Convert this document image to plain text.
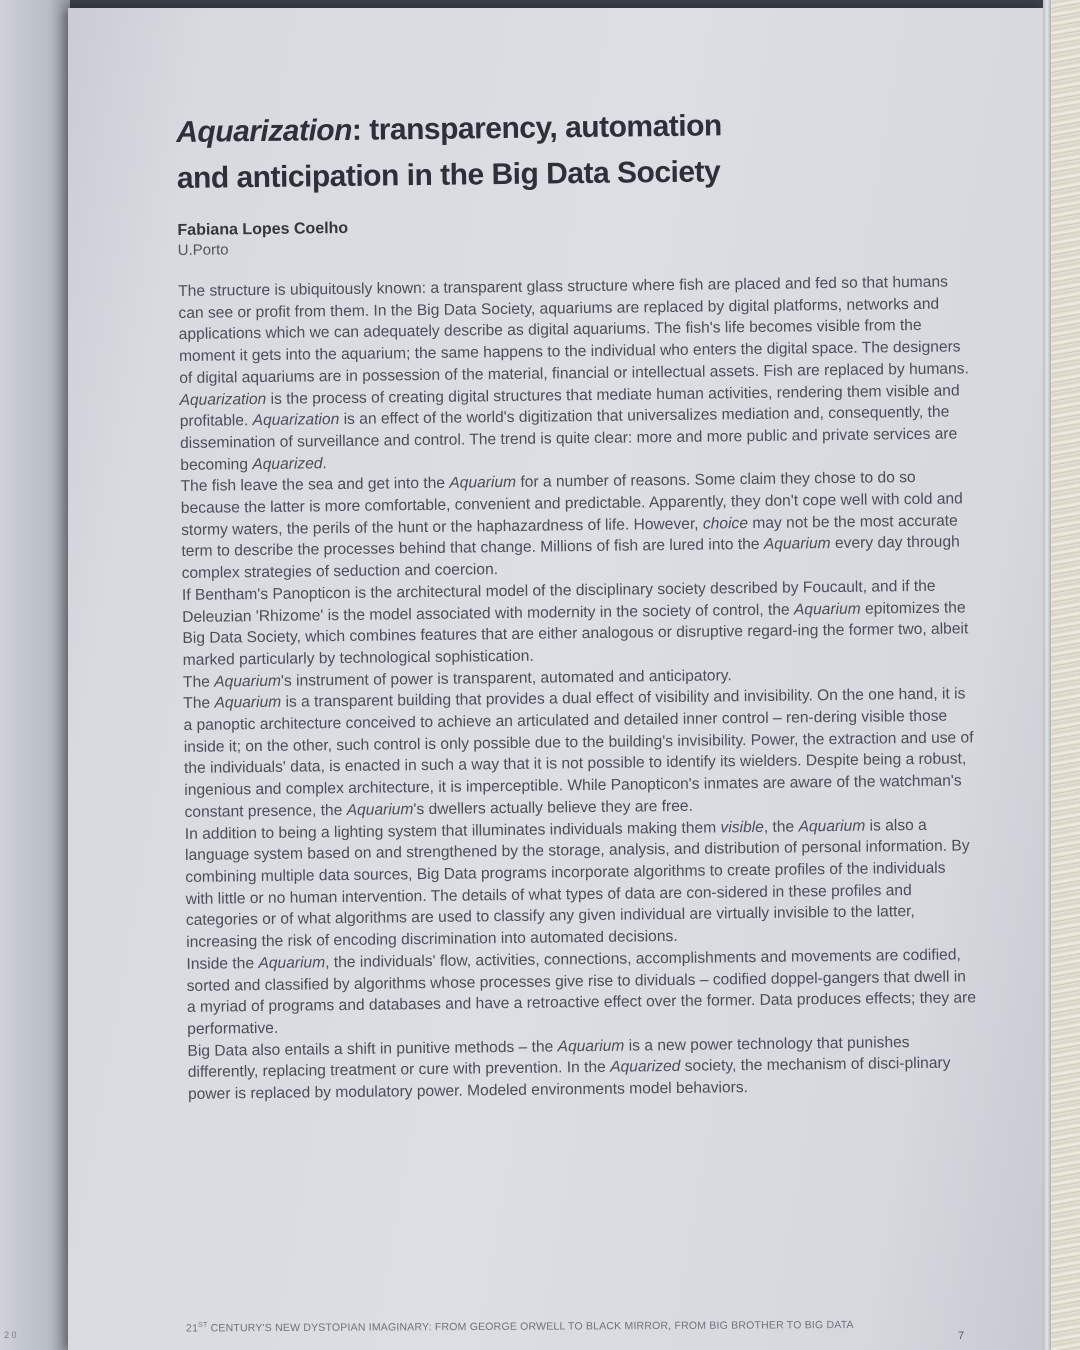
2 0
Aquarization: transparency, automation and anticipation in the Big Data Society
Fabiana Lopes Coelho
U.Porto

The structure is ubiquitously known: a transparent glass structure where fish are placed and fed so that humans can see or profit from them. In the Big Data Society, aquariums are replaced by digital platforms, networks and applications which we can adequately describe as digital aquariums. The fish's life becomes visible from the moment it gets into the aquarium; the same happens to the individual who enters the digital space. The designers of digital aquariums are in possession of the material, financial or intellectual assets. Fish are replaced by humans.

Aquarization is the process of creating digital structures that mediate human activities, rendering them visible and profitable. Aquarization is an effect of the world's digitization that universalizes mediation and, consequently, the dissemination of surveillance and control. The trend is quite clear: more and more public and private services are becoming Aquarized.

The fish leave the sea and get into the Aquarium for a number of reasons. Some claim they chose to do so because the latter is more comfortable, convenient and predictable. Apparently, they don't cope well with cold and stormy waters, the perils of the hunt or the haphazardness of life. However, choice may not be the most accurate term to describe the processes behind that change. Millions of fish are lured into the Aquarium every day through complex strategies of seduction and coercion.

If Bentham's Panopticon is the architectural model of the disciplinary society described by Foucault, and if the Deleuzian 'Rhizome' is the model associated with modernity in the society of control, the Aquarium epitomizes the Big Data Society, which combines features that are either analogous or disruptive regard-ing the former two, albeit marked particularly by technological sophistication.

The Aquarium's instrument of power is transparent, automated and anticipatory.

The Aquarium is a transparent building that provides a dual effect of visibility and invisibility. On the one hand, it is a panoptic architecture conceived to achieve an articulated and detailed inner control – ren-dering visible those inside it; on the other, such control is only possible due to the building's invisibility. Power, the extraction and use of the individuals' data, is enacted in such a way that it is not possible to identify its wielders. Despite being a robust, ingenious and complex architecture, it is imperceptible. While Panopticon's inmates are aware of the watchman's constant presence, the Aquarium's dwellers actually believe they are free.

In addition to being a lighting system that illuminates individuals making them visible, the Aquarium is also a language system based on and strengthened by the storage, analysis, and distribution of personal information. By combining multiple data sources, Big Data programs incorporate algorithms to create profiles of the individuals with little or no human intervention. The details of what types of data are con-sidered in these profiles and categories or of what algorithms are used to classify any given individual are virtually invisible to the latter, increasing the risk of encoding discrimination into automated decisions.

Inside the Aquarium, the individuals' flow, activities, connections, accomplishments and movements are codified, sorted and classified by algorithms whose processes give rise to dividuals – codified doppel-gangers that dwell in a myriad of programs and databases and have a retroactive effect over the former. Data produces effects; they are performative.

Big Data also entails a shift in punitive methods – the Aquarium is a new power technology that punishes differently, replacing treatment or cure with prevention. In the Aquarized society, the mechanism of disci-plinary power is replaced by modulatory power. Modeled environments model behaviors.

21ST CENTURY'S NEW DYSTOPIAN IMAGINARY: FROM GEORGE ORWELL TO BLACK MIRROR, FROM BIG BROTHER TO BIG DATA
7
